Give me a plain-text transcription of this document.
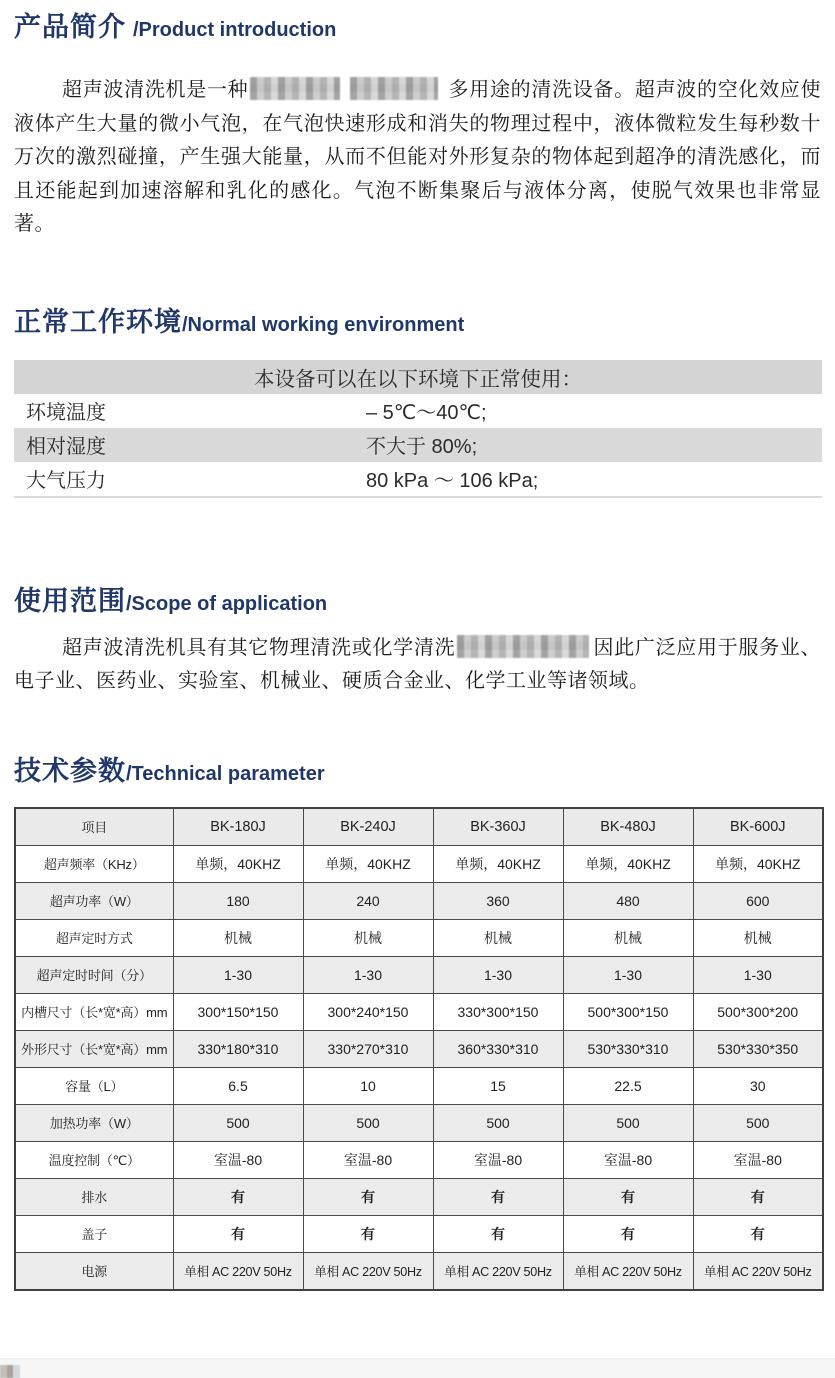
产品简介 /Product introduction

超声波清洗机是一种	多用途的清洗设备。超声波的空化效应使液体产生大量的微小气泡，在气泡快速形成和消失的物理过程中，液体微粒发生每秒数十万次的激烈碰撞，产生强大能量，从而不但能对外形复杂的物体起到超净的清洗感化，而且还能起到加速溶解和乳化的感化。气泡不断集聚后与液体分离，使脱气效果也非常显著。

正常工作环境 /Normal working environment
本设备可以在以下环境下正常使用：
环境温度	– 5℃～40℃;
相对湿度	不大于 80%;
大气压力	80 kPa ～ 106 kPa;
使用范围 /Scope of application

超声波清洗机具有其它物理清洗或化学清洗	因此广泛应用于服务业、电子业、医药业、实验室、机械业、硬质合金业、化学工业等诸领域。

技术参数 /Technical parameter
项目	BK-180J	BK-240J	BK-360J	BK-480J	BK-600J
超声频率（KHz）	单频，40KHZ	单频，40KHZ	单频，40KHZ	单频，40KHZ	单频，40KHZ
超声功率（W）	180	240	360	480	600
超声定时方式	机械	机械	机械	机械	机械
超声定时时间（分）	1-30	1-30	1-30	1-30	1-30
内槽尺寸（长*宽*高）mm	300*150*150	300*240*150	330*300*150	500*300*150	500*300*200
外形尺寸（长*宽*高）mm	330*180*310	330*270*310	360*330*310	530*330*310	530*330*350
容量（L）	6.5	10	15	22.5	30
加热功率（W）	500	500	500	500	500
温度控制（℃）	室温-80	室温-80	室温-80	室温-80	室温-80
排水	有	有	有	有	有
盖子	有	有	有	有	有
电源	单相 AC 220V 50Hz	单相 AC 220V 50Hz	单相 AC 220V 50Hz	单相 AC 220V 50Hz	单相 AC 220V 50Hz
